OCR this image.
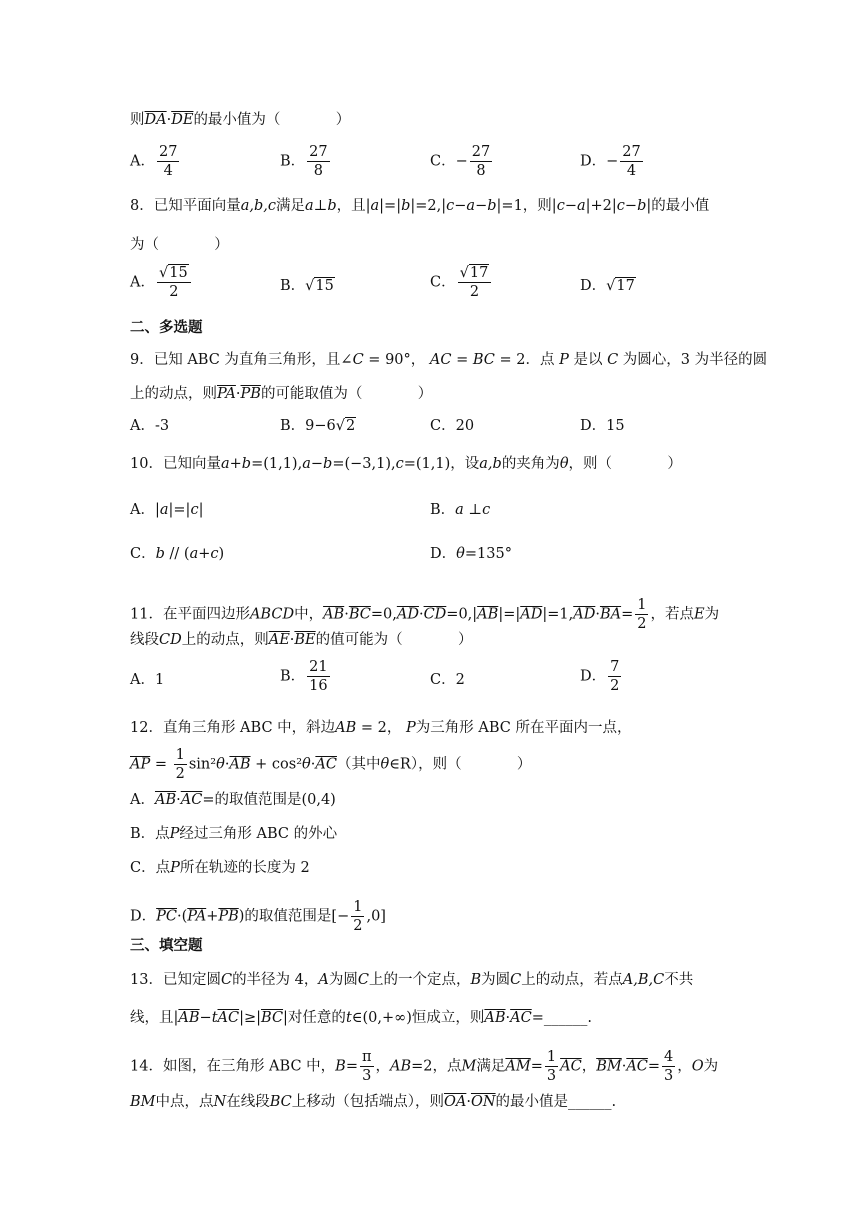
则$\overline{DA}\cdot\overline{DE}$的最小值为（            ）
A． $\frac{27}{4}$	B． $\frac{27}{8}$	C．− $\frac{27}{8}$	D．− $\frac{27}{4}$
8．已知平面向量a,b,c满足a⊥b，且|a|=|b|=2,|c−a−b|=1，则|c−a|+2|c−b|的最小值
为（            ）
A． $\frac{√15}{2}$	B．√15	C． $\frac{√17}{2}$	D．√17
二、多选题
9．已知 ABC 为直角三角形，且∠C = 90°， AC = BC = 2．点 P 是以 C 为圆心，3 为半径的圆
上的动点，则$\overline{PA}\cdot\overline{PB}$的可能取值为（            ）
A．-3	B．9−6√2	C．20	D．15
10．已知向量a+b=(1,1),a−b=(−3,1),c=(1,1)，设a,b的夹角为θ，则（            ）
A．|a|=|c|	B．a ⊥c
C．b // (a+c)	D．θ=135°
11．在平面四边形ABCD中，$\overline{AB}\cdot\overline{BC}=0,\overline{AD}\cdot\overline{CD}=0,|\overline{AB}|=|\overline{AD}|=1,\overline{AD}\cdot\overline{BA}= \frac{1}{2}$ ，若点E为
线段CD上的动点，则$\overline{AE}\cdot\overline{BE}$的值可能为（            ）
A．1	B． $\frac{21}{16}$	C．2	D． $\frac{7}{2}$
12．直角三角形 ABC 中，斜边AB = 2， P为三角形 ABC 所在平面内一点，
$\overline{AP} = \frac{1}{2} \sin^2\theta\cdot\overline{AB} + \cos^2\theta\cdot\overline{AC}$（其中θ∈R），则（            ）
A．$\overline{AB}\cdot\overline{AC}=$的取值范围是(0,4)
B．点P经过三角形 ABC 的外心
C．点P所在轨迹的长度为 2
D．$\overline{PC}\cdot(\overline{PA}+\overline{PB})$的取值范围是[− $\frac{1}{2} ,0$]
三、填空题
13．已知定圆C的半径为 4，A为圆C上的一个定点，B为圆C上的动点，若点A,B,C不共
线，且$|\overline{AB}-t\overline{AC}|\ge|\overline{BC}|$对任意的t∈(0,+∞)恒成立，则$\overline{AB}\cdot\overline{AC}=\_\_\_\_\_\_$.
14．如图，在三角形 ABC 中，$B= \frac{\pi}{3}$ ，AB=2，点M满足$\overline{AM}= \frac{1}{3} \overline{AC}$，$\overline{BM}\cdot\overline{AC}= \frac{4}{3}$ ，O为
BM中点，点N在线段BC上移动（包括端点），则$\overline{OA}\cdot\overline{ON}$的最小值是______.
